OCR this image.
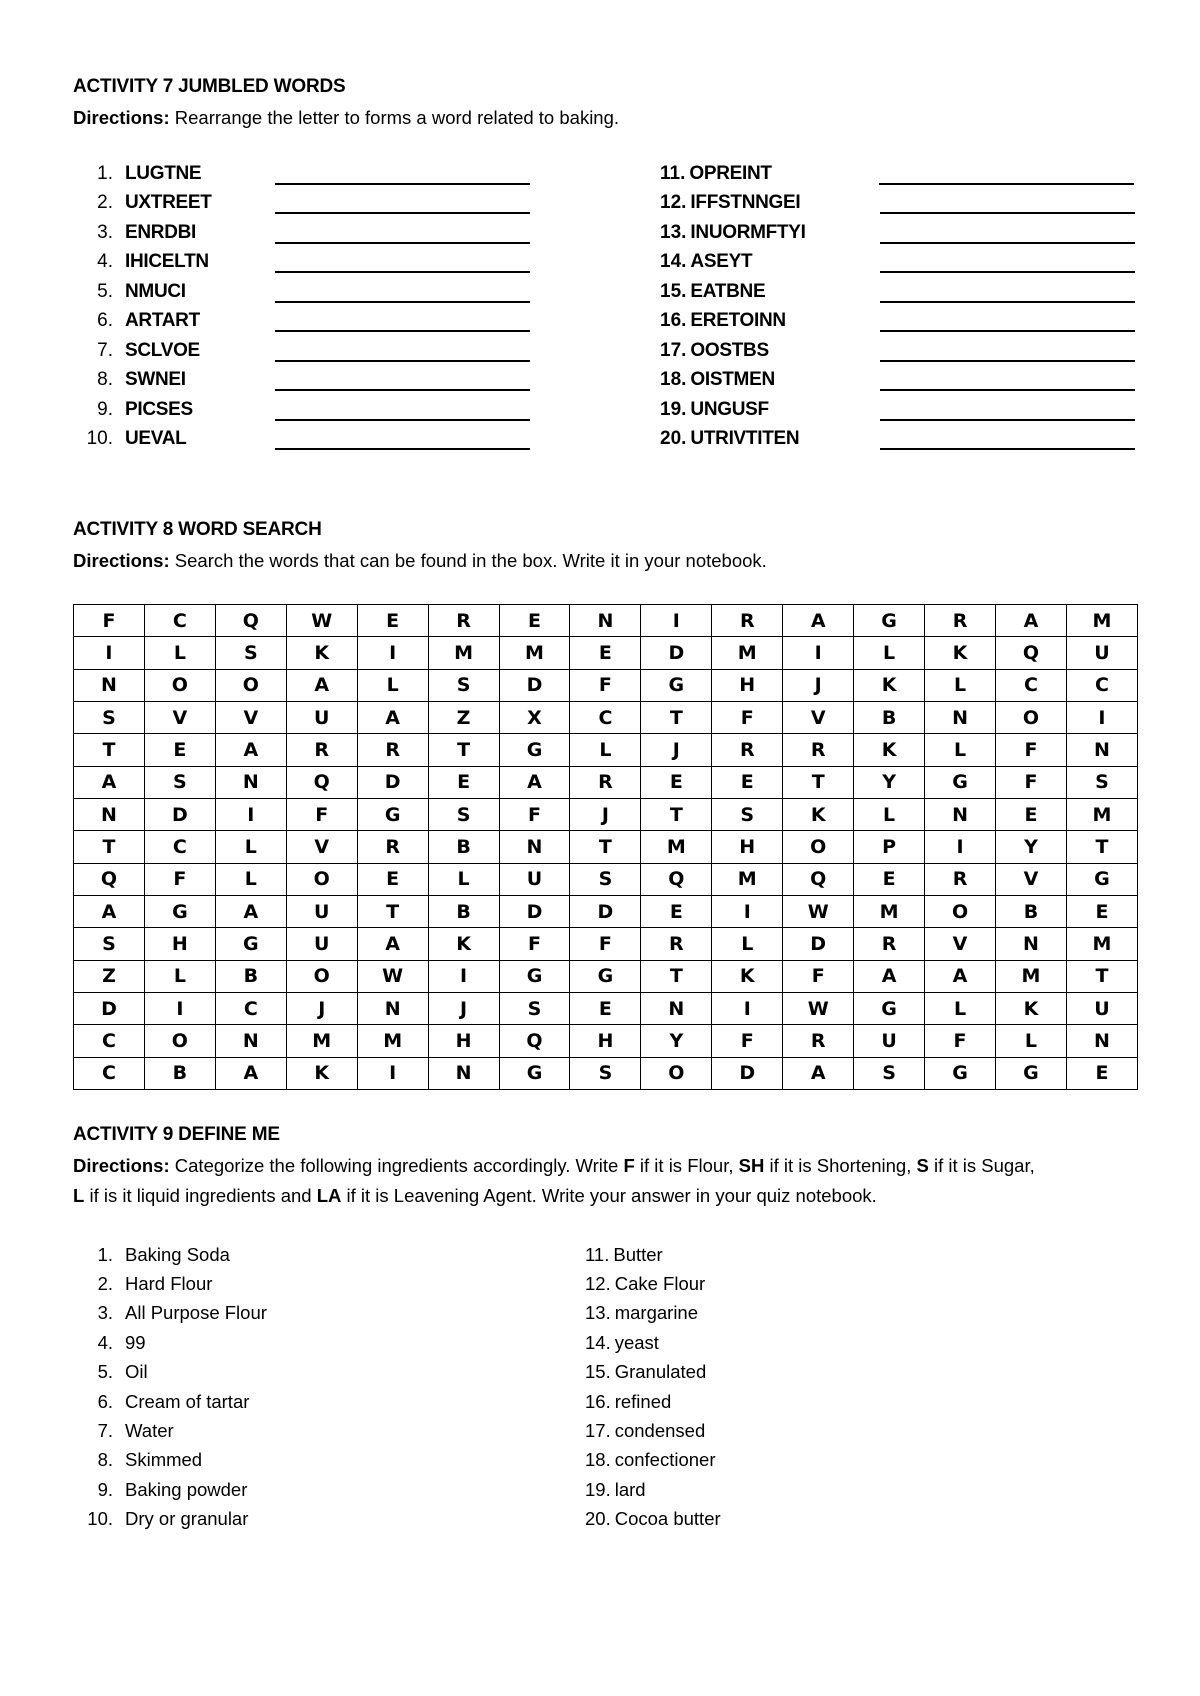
ACTIVITY 7 JUMBLED WORDS
Directions: Rearrange the letter to forms a word related to baking.
1. LUGTNE
2. UXTREET
3. ENRDBI
4. IHICELTN
5. NMUCI
6. ARTART
7. SCLVOE
8. SWNEI
9. PICSES
10. UEVAL
11. OPREINT
12. IFFSTNNGEI
13. INUORMFTYI
14. ASEYT
15. EATBNE
16. ERETOINN
17. OOSTBS
18. OISTMEN
19. UNGUSF
20. UTRIVTITEN
ACTIVITY 8 WORD SEARCH
Directions: Search the words that can be found in the box. Write it in your notebook.
F	C	Q	W	E	R	E	N	I	R	A	G	R	A	M
I	L	S	K	I	M	M	E	D	M	I	L	K	Q	U
N	O	O	A	L	S	D	F	G	H	J	K	L	C	C
S	V	V	U	A	Z	X	C	T	F	V	B	N	O	I
T	E	A	R	R	T	G	L	J	R	R	K	L	F	N
A	S	N	Q	D	E	A	R	E	E	T	Y	G	F	S
N	D	I	F	G	S	F	J	T	S	K	L	N	E	M
T	C	L	V	R	B	N	T	M	H	O	P	I	Y	T
Q	F	L	O	E	L	U	S	Q	M	Q	E	R	V	G
A	G	A	U	T	B	D	D	E	I	W	M	O	B	E
S	H	G	U	A	K	F	F	R	L	D	R	V	N	M
Z	L	B	O	W	I	G	G	T	K	F	A	A	M	T
D	I	C	J	N	J	S	E	N	I	W	G	L	K	U
C	O	N	M	M	H	Q	H	Y	F	R	U	F	L	N
C	B	A	K	I	N	G	S	O	D	A	S	G	G	E
ACTIVITY 9 DEFINE ME
Directions: Categorize the following ingredients accordingly. Write F if it is Flour, SH if it is Shortening, S if it is Sugar,
L if is it liquid ingredients and LA if it is Leavening Agent. Write your answer in your quiz notebook.
1. Baking Soda
2. Hard Flour
3. All Purpose Flour
4. 99
5. Oil
6. Cream of tartar
7. Water
8. Skimmed
9. Baking powder
10. Dry or granular
11. Butter
12. Cake Flour
13. margarine
14. yeast
15. Granulated
16. refined
17. condensed
18. confectioner
19. lard
20. Cocoa butter
